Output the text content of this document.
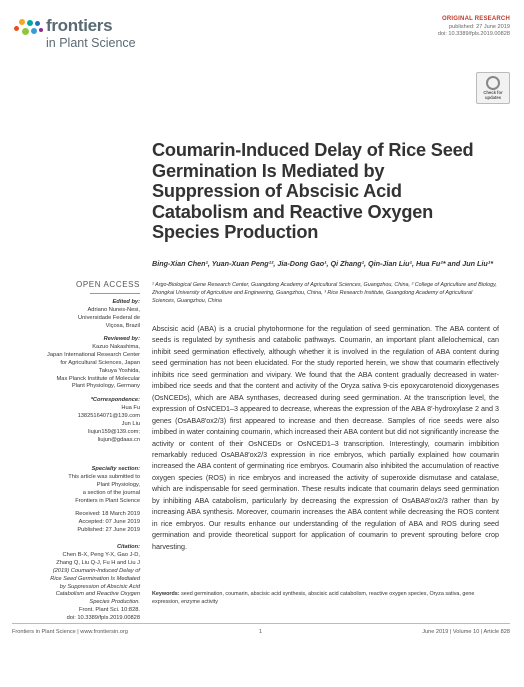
frontiers
in Plant Science
ORIGINAL RESEARCH
published: 27 June 2019
doi: 10.3389/fpls.2019.00828
Check for updates
Coumarin-Induced Delay of Rice Seed Germination Is Mediated by Suppression of Abscisic Acid Catabolism and Reactive Oxygen Species Production
Bing-Xian Chen¹, Yuan-Xuan Peng¹², Jia-Dong Gao¹, Qi Zhang¹, Qin-Jian Liu¹, Hua Fu²* and Jun Liu¹*
¹ Argo-Biological Gene Research Center, Guangdong Academy of Agricultural Sciences, Guangzhou, China, ² College of Agriculture and Biology, Zhongkai University of Agriculture and Engineering, Guangzhou, China, ³ Rice Research Institute, Guangdong Academy of Agricultural Sciences, Guangzhou, China
Abscisic acid (ABA) is a crucial phytohormone for the regulation of seed germination. The ABA content of seeds is regulated by synthesis and catabolic pathways. Coumarin, an important plant allelochemical, can inhibit seed germination effectively, although whether it is involved in the regulation of ABA content during seed germination has not been elucidated. For the study reported herein, we show that coumarin effectively inhibits rice seed germination and vivipary. We found that the ABA content gradually decreased in water-imbibed rice seeds and that the content and activity of the Oryza sativa 9-cis epoxycarotenoid dioxygenases (OsNCEDs), which are ABA synthases, decreased during seed germination. At the transcription level, the expression of OsNCED1–3 appeared to decrease, whereas the expression of the ABA 8′-hydroxylase 2 and 3 genes (OsABA8′ox2/3) first appeared to increase and then decrease. Samples of rice seeds were also imbibed in water containing coumarin, which increased their ABA content but did not significantly increase the activity or content of their OsNCEDs or OsNCED1–3 transcription. Interestingly, coumarin imbibition remarkably reduced OsABA8′ox2/3 expression in rice embryos, which partially explained how coumarin increased the ABA content of germinating rice embryos. Coumarin also inhibited the accumulation of reactive oxygen species (ROS) in rice embryos and increased the activity of superoxide dismutase and catalase, which are indispensable for seed germination. These results indicate that coumarin delays seed germination by inhibiting ABA catabolism, particularly by decreasing the expression of OsABA8′ox2/3 rather than by increasing ABA synthesis. Moreover, coumarin increases the ABA content while decreasing the ROS content in rice embryos. Our results enhance our understanding of the regulation of ABA and ROS during seed germination and provide theoretical support for application of coumarin to prevent sprouting before crop harvesting.
Keywords: seed germination, coumarin, abscisic acid synthesis, abscisic acid catabolism, reactive oxygen species, Oryza sativa, gene expression, enzyme activity
OPEN ACCESS
Edited by:
Adriano Nunes-Nesi,
Universidade Federal de
Viçosa, Brazil
Reviewed by:
Kazuo Nakashima,
Japan International Research Center
for Agricultural Sciences, Japan
Takuya Yoshida,
Max Planck Institute of Molecular
Plant Physiology, Germany
*Correspondence:
Hua Fu
13825164071@139.com
Jun Liu
liujun159@139.com;
liujun@gdaas.cn
Specialty section:
This article was submitted to
Plant Physiology,
a section of the journal
Frontiers in Plant Science
Received: 18 March 2019
Accepted: 07 June 2019
Published: 27 June 2019
Citation:
Chen B-X, Peng Y-X, Gao J-D,
Zhang Q, Liu Q-J, Fu H and Liu J
(2019) Coumarin-Induced Delay of
Rice Seed Germination Is Mediated
by Suppression of Abscisic Acid
Catabolism and Reactive Oxygen
Species Production.
Front. Plant Sci. 10:828.
doi: 10.3389/fpls.2019.00828
Frontiers in Plant Science | www.frontiersin.org	1	June 2019 | Volume 10 | Article 828
